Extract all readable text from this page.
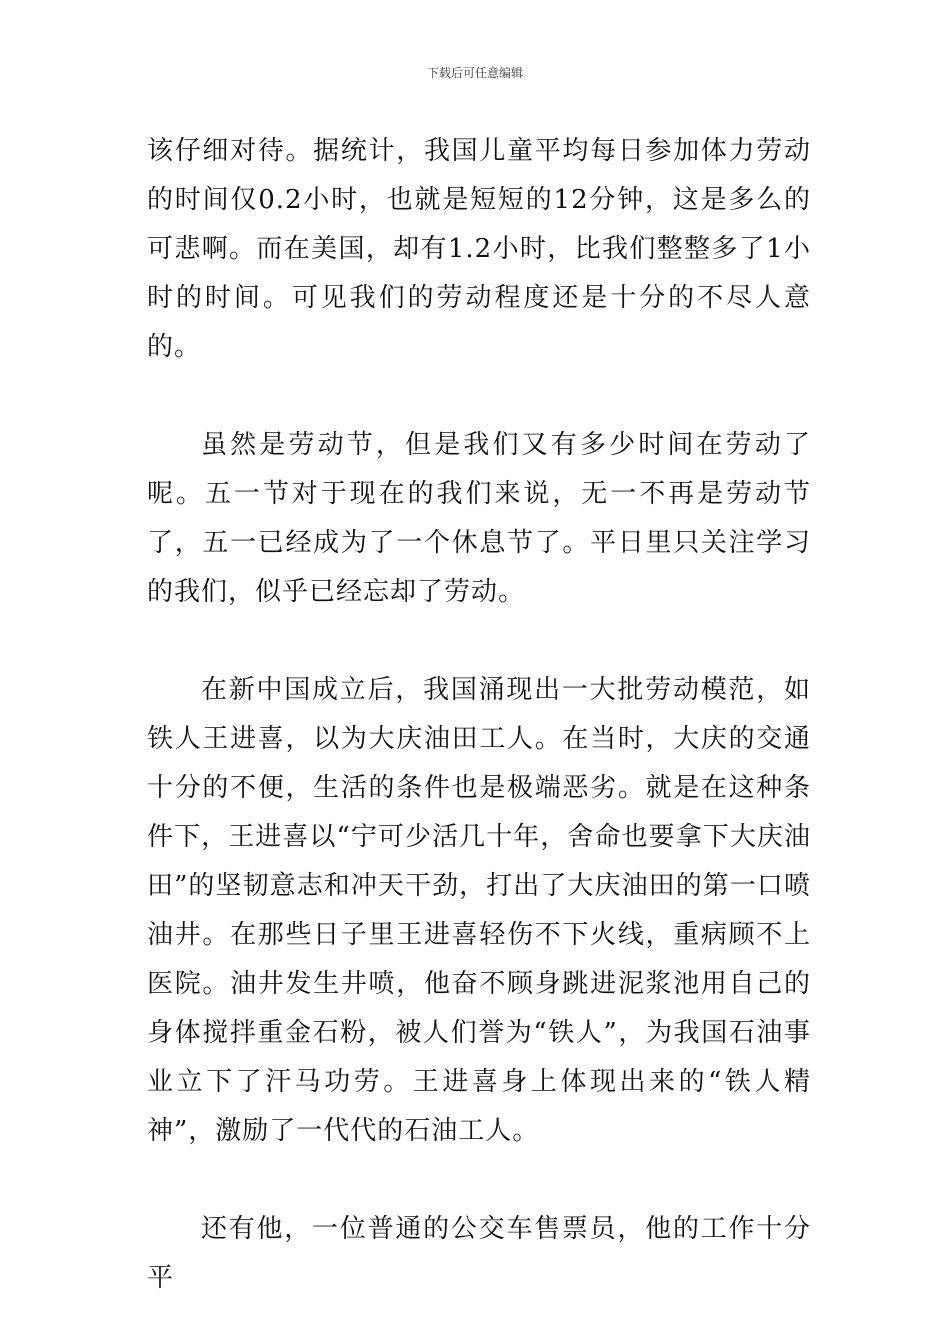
下载后可任意编辑

该仔细对待。据统计，我国儿童平均每日参加体力劳动的时间仅0.2小时，也就是短短的12分钟，这是多么的可悲啊。而在美国，却有1.2小时，比我们整整多了1小时的时间。可见我们的劳动程度还是十分的不尽人意的。

虽然是劳动节，但是我们又有多少时间在劳动了呢。五一节对于现在的我们来说，无一不再是劳动节了，五一已经成为了一个休息节了。平日里只关注学习的我们，似乎已经忘却了劳动。

在新中国成立后，我国涌现出一大批劳动模范，如铁人王进喜，以为大庆油田工人。在当时，大庆的交通十分的不便，生活的条件也是极端恶劣。就是在这种条件下，王进喜以“宁可少活几十年，舍命也要拿下大庆油田”的坚韧意志和冲天干劲，打出了大庆油田的第一口喷油井。在那些日子里王进喜轻伤不下火线，重病顾不上医院。油井发生井喷，他奋不顾身跳进泥浆池用自己的身体搅拌重金石粉，被人们誉为“铁人”，为我国石油事业立下了汗马功劳。王进喜身上体现出来的“铁人精神”，激励了一代代的石油工人。

还有他，一位普通的公交车售票员，他的工作十分平
